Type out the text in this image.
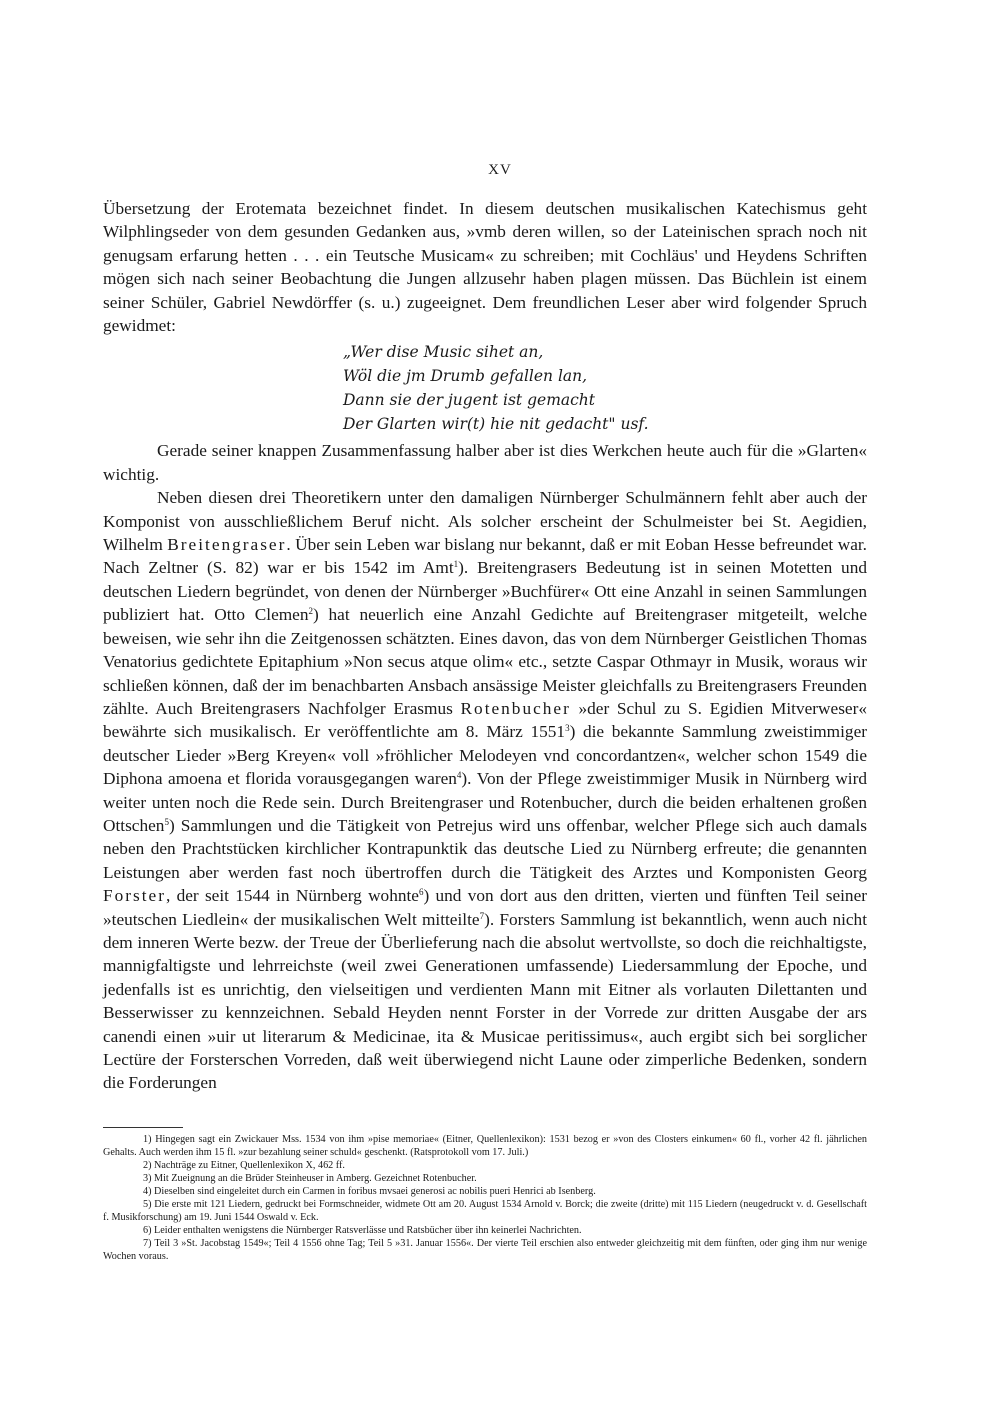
XV

Übersetzung der Erotemata bezeichnet findet. In diesem deutschen musikalischen Katechismus geht Wilphlingseder von dem gesunden Gedanken aus, »vmb deren willen, so der Lateinischen sprach noch nit genugsam erfarung hetten . . . ein Teutsche Musicam« zu schreiben; mit Cochläus' und Heydens Schriften mögen sich nach seiner Beobachtung die Jungen allzusehr haben plagen müssen. Das Büchlein ist einem seiner Schüler, Gabriel Newdörffer (s. u.) zugeeignet. Dem freundlichen Leser aber wird folgender Spruch gewidmet:

„Wer dise Music sihet an,
Wöl die jm Drumb gefallen lan,
Dann sie der jugent ist gemacht
Der Glarten wir(t) hie nit gedacht" usf.

Gerade seiner knappen Zusammenfassung halber aber ist dies Werkchen heute auch für die »Glarten« wichtig.

Neben diesen drei Theoretikern unter den damaligen Nürnberger Schulmännern fehlt aber auch der Komponist von ausschließlichem Beruf nicht. Als solcher erscheint der Schulmeister bei St. Aegidien, Wilhelm Breitengraser. Über sein Leben war bislang nur bekannt, daß er mit Eoban Hesse befreundet war. Nach Zeltner (S. 82) war er bis 1542 im Amt$^1$). Breitengrasers Bedeutung ist in seinen Motetten und deutschen Liedern begründet, von denen der Nürnberger »Buchfürer« Ott eine Anzahl in seinen Sammlungen publiziert hat. Otto Clemen$^2$) hat neuerlich eine Anzahl Gedichte auf Breitengraser mitgeteilt, welche beweisen, wie sehr ihn die Zeitgenossen schätzten. Eines davon, das von dem Nürnberger Geistlichen Thomas Venatorius gedichtete Epitaphium »Non secus atque olim« etc., setzte Caspar Othmayr in Musik, woraus wir schließen können, daß der im benachbarten Ansbach ansässige Meister gleichfalls zu Breitengrasers Freunden zählte. Auch Breitengrasers Nachfolger Erasmus Rotenbucher »der Schul zu S. Egidien Mitverweser« bewährte sich musikalisch. Er veröffentlichte am 8. März 1551$^3$) die bekannte Sammlung zweistimmiger deutscher Lieder »Berg Kreyen« voll »fröhlicher Melodeyen vnd concordantzen«, welcher schon 1549 die Diphona amoena et florida vorausgegangen waren$^4$). Von der Pflege zweistimmiger Musik in Nürnberg wird weiter unten noch die Rede sein. Durch Breitengraser und Rotenbucher, durch die beiden erhaltenen großen Ottschen$^5$) Sammlungen und die Tätigkeit von Petrejus wird uns offenbar, welcher Pflege sich auch damals neben den Prachtstücken kirchlicher Kontrapunktik das deutsche Lied zu Nürnberg erfreute; die genannten Leistungen aber werden fast noch übertroffen durch die Tätigkeit des Arztes und Komponisten Georg Forster, der seit 1544 in Nürnberg wohnte$^6$) und von dort aus den dritten, vierten und fünften Teil seiner »teutschen Liedlein« der musikalischen Welt mitteilte$^7$). Forsters Sammlung ist bekanntlich, wenn auch nicht dem inneren Werte bezw. der Treue der Überlieferung nach die absolut wertvollste, so doch die reichhaltigste, mannigfaltigste und lehrreichste (weil zwei Generationen umfassende) Liedersammlung der Epoche, und jedenfalls ist es unrichtig, den vielseitigen und verdienten Mann mit Eitner als vorlauten Dilettanten und Besserwisser zu kennzeichnen. Sebald Heyden nennt Forster in der Vorrede zur dritten Ausgabe der ars canendi einen »uir ut literarum & Medicinae, ita & Musicae peritissimus«, auch ergibt sich bei sorglicher Lectüre der Forsterschen Vorreden, daß weit überwiegend nicht Laune oder zimperliche Bedenken, sondern die Forderungen

1) Hingegen sagt ein Zwickauer Mss. 1534 von ihm »pise memoriae« (Eitner, Quellenlexikon): 1531 bezog er »von des Closters einkumen« 60 fl., vorher 42 fl. jährlichen Gehalts. Auch werden ihm 15 fl. »zur bezahlung seiner schuld« geschenkt. (Ratsprotokoll vom 17. Juli.)
2) Nachträge zu Eitner, Quellenlexikon X, 462 ff.
3) Mit Zueignung an die Brüder Steinheuser in Amberg. Gezeichnet Rotenbucher.
4) Dieselben sind eingeleitet durch ein Carmen in foribus mvsaei generosi ac nobilis pueri Henrici ab Isenberg.
5) Die erste mit 121 Liedern, gedruckt bei Formschneider, widmete Ott am 20. August 1534 Arnold v. Borck; die zweite (dritte) mit 115 Liedern (neugedruckt v. d. Gesellschaft f. Musikforschung) am 19. Juni 1544 Oswald v. Eck.
6) Leider enthalten wenigstens die Nürnberger Ratsverlässe und Ratsbücher über ihn keinerlei Nachrichten.
7) Teil 3 »St. Jacobstag 1549«; Teil 4 1556 ohne Tag; Teil 5 »31. Januar 1556«. Der vierte Teil erschien also entweder gleichzeitig mit dem fünften, oder ging ihm nur wenige Wochen voraus.
